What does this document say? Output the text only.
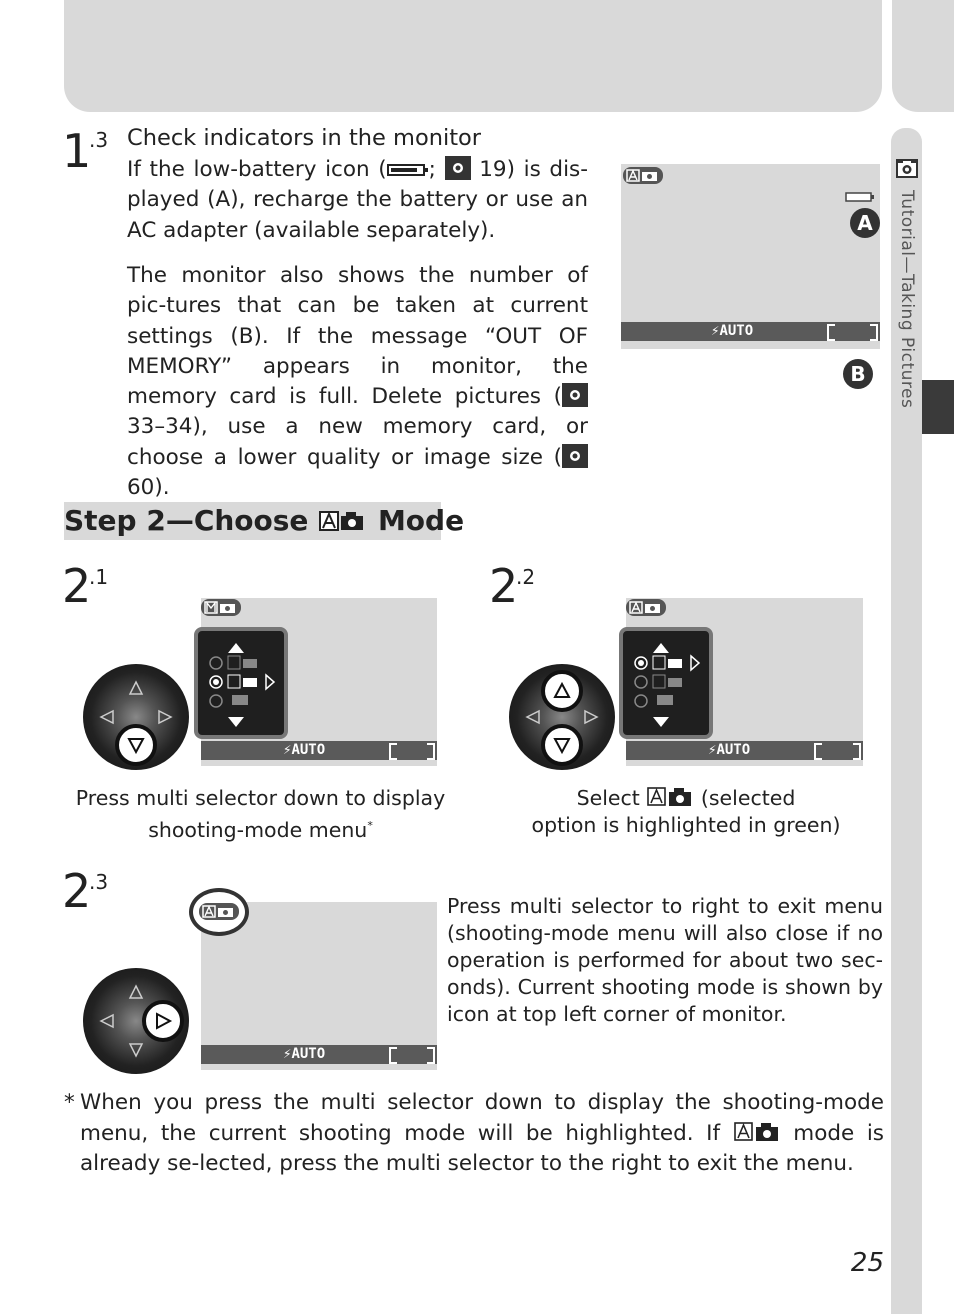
Tutorial—Taking Pictures
1
.3 Check indicators in the monitor
If the low-battery icon ( ;  19) is dis-played (A), recharge the battery or use an AC adapter (available separately).
The monitor also shows the number of pic-tures that can be taken at current settings (B). If the message “OUT OF MEMORY” appears in monitor, the memory card is full. Delete pictures ( 33–34), use a new memory card, or choose a lower quality or image size ( 60).
A
⚡AUTO
B
Step 2—Choose Mode
2
.1
⚡AUTO
Press multi selector down to display
shooting-mode menu*
2
.2
⚡AUTO
Select	(selected
option is highlighted in green)
2
.3
⚡AUTO
Press multi selector to right to exit menu (shooting-mode menu will also close if no operation is performed for about two sec-onds). Current shooting mode is shown by icon at top left corner of monitor.
* When you press the multi selector down to display the shooting-mode menu, the current shooting mode will be highlighted. If	mode is already se-lected, press the multi selector to the right to exit the menu.
25
